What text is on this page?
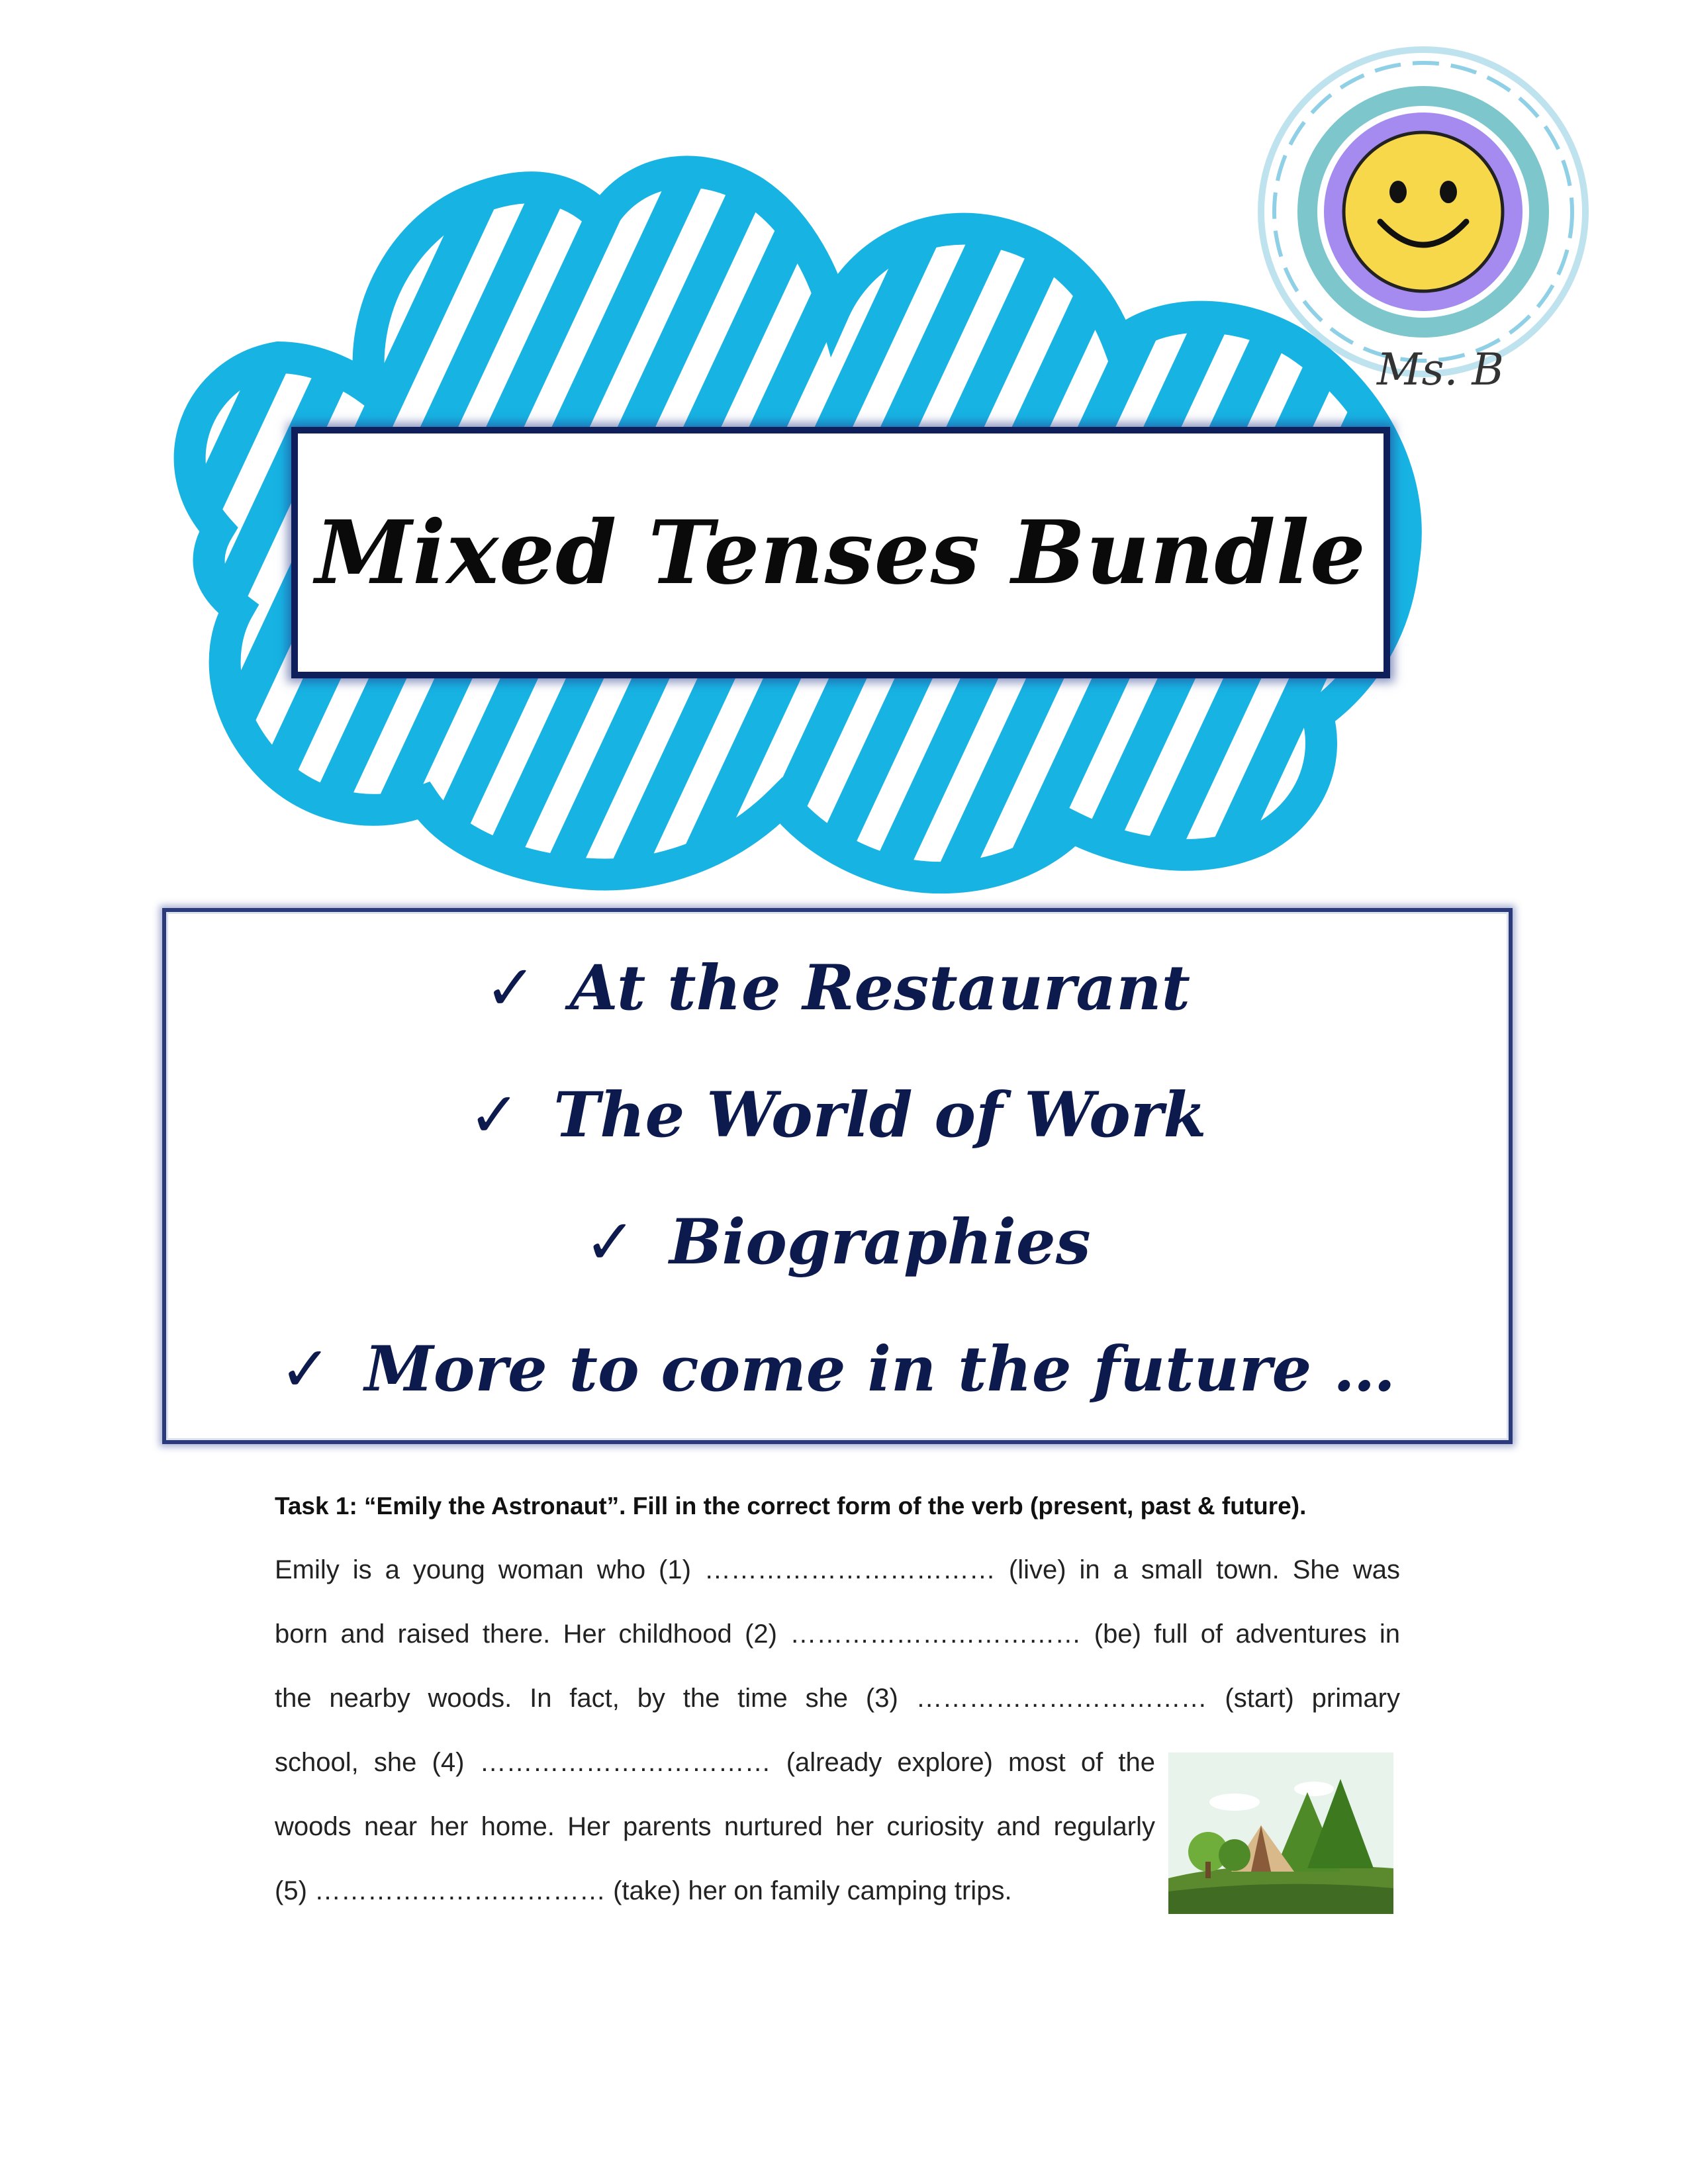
Ms. B
Mixed Tenses Bundle
✓ At the Restaurant
✓ The World of Work
✓ Biographies
✓ More to come in the future …
Task 1: “Emily the Astronaut”. Fill in the correct form of the verb (present, past & future).
Emily is a young woman who (1) …………………………… (live) in a small town. She was
born and raised there. Her childhood (2) …………………………… (be) full of adventures in
the nearby woods. In fact, by the time she (3) …………………………… (start) primary
school, she (4) …………………………… (already explore) most of the
woods near her home. Her parents nurtured her curiosity and regularly
(5) …………………………… (take) her on family camping trips.
